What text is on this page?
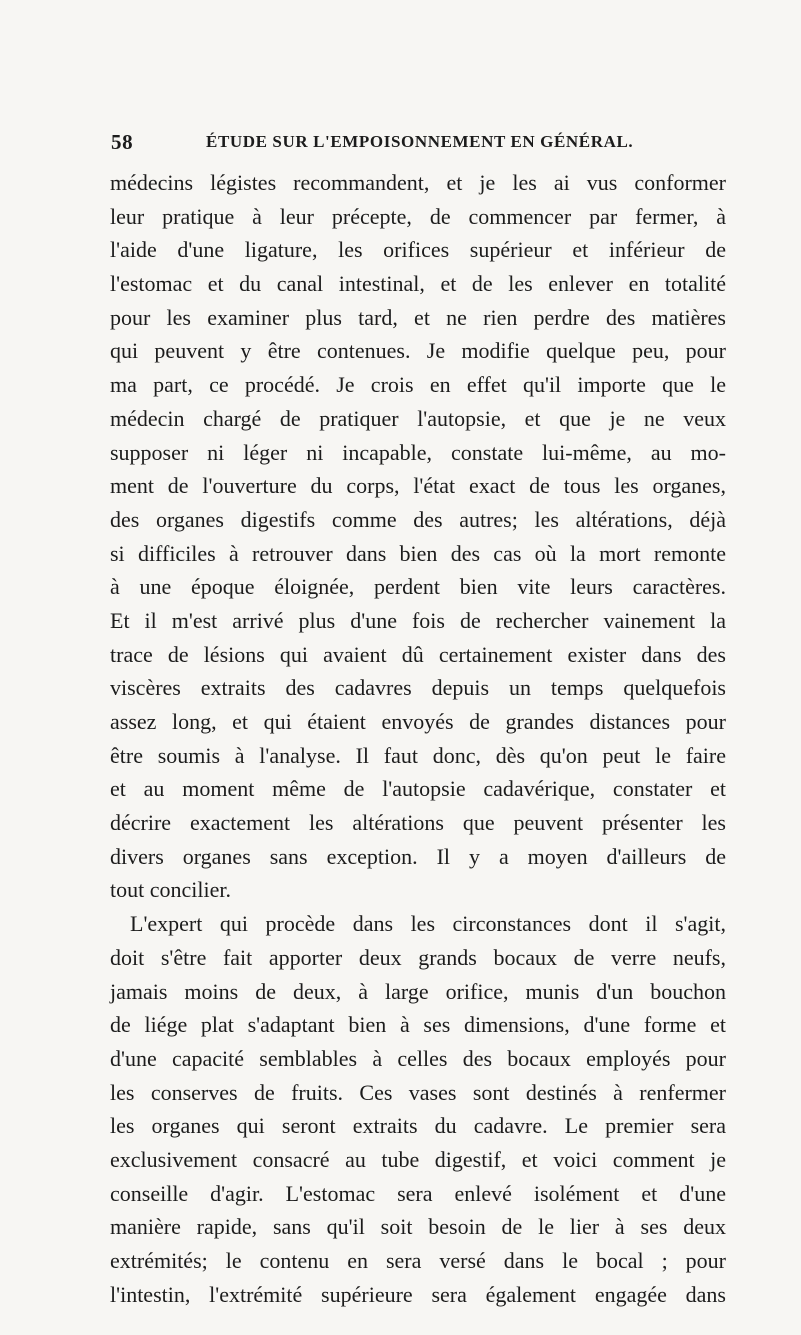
58	ÉTUDE SUR L'EMPOISONNEMENT EN GÉNÉRAL.
médecins légistes recommandent, et je les ai vus conformer
leur pratique à leur précepte, de commencer par fermer, à
l'aide d'une ligature, les orifices supérieur et inférieur de
l'estomac et du canal intestinal, et de les enlever en totalité
pour les examiner plus tard, et ne rien perdre des matières
qui peuvent y être contenues. Je modifie quelque peu, pour
ma part, ce procédé. Je crois en effet qu'il importe que le
médecin chargé de pratiquer l'autopsie, et que je ne veux
supposer ni léger ni incapable, constate lui-même, au mo-
ment de l'ouverture du corps, l'état exact de tous les organes,
des organes digestifs comme des autres; les altérations, déjà
si difficiles à retrouver dans bien des cas où la mort remonte
à une époque éloignée, perdent bien vite leurs caractères.
Et il m'est arrivé plus d'une fois de rechercher vainement la
trace de lésions qui avaient dû certainement exister dans des
viscères extraits des cadavres depuis un temps quelquefois
assez long, et qui étaient envoyés de grandes distances pour
être soumis à l'analyse. Il faut donc, dès qu'on peut le faire
et au moment même de l'autopsie cadavérique, constater et
décrire exactement les altérations que peuvent présenter les
divers organes sans exception. Il y a moyen d'ailleurs de
tout concilier.
L'expert qui procède dans les circonstances dont il s'agit,
doit s'être fait apporter deux grands bocaux de verre neufs,
jamais moins de deux, à large orifice, munis d'un bouchon
de liége plat s'adaptant bien à ses dimensions, d'une forme et
d'une capacité semblables à celles des bocaux employés pour
les conserves de fruits. Ces vases sont destinés à renfermer
les organes qui seront extraits du cadavre. Le premier sera
exclusivement consacré au tube digestif, et voici comment je
conseille d'agir. L'estomac sera enlevé isolément et d'une
manière rapide, sans qu'il soit besoin de le lier à ses deux
extrémités; le contenu en sera versé dans le bocal ; pour
l'intestin, l'extrémité supérieure sera également engagée dans
